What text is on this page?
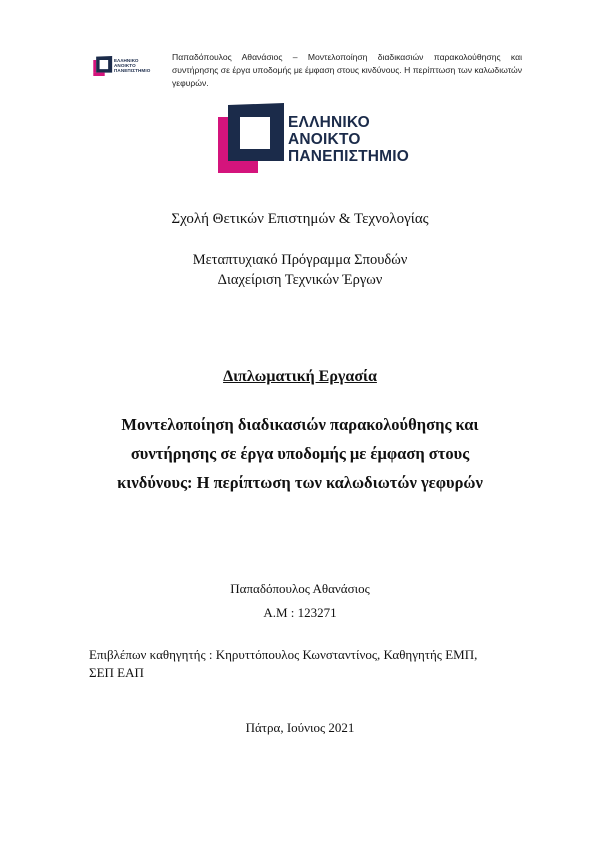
ΕΛΛΗΝΙΚΟ
ΑΝΟΙΚΤΟ
ΠΑΝΕΠΙΣΤΗΜΙΟ
Παπαδόπουλος Αθανάσιος – Μοντελοποίηση διαδικασιών παρακολούθησης και συντήρησης σε έργα υποδομής με έμφαση στους κινδύνους. Η περίπτωση των καλωδιωτών γεφυρών.
ΕΛΛΗΝΙΚΟ
ΑΝΟΙΚΤΟ
ΠΑΝΕΠΙΣΤΗΜΙΟ
Σχολή Θετικών Επιστημών & Τεχνολογίας
Μεταπτυχιακό Πρόγραμμα Σπουδών
Διαχείριση Τεχνικών Έργων
Διπλωματική Εργασία
Μοντελοποίηση διαδικασιών παρακολούθησης και
συντήρησης σε έργα υποδομής με έμφαση στους
κινδύνους: Η περίπτωση των καλωδιωτών γεφυρών
Παπαδόπουλος Αθανάσιος
Α.Μ : 123271
Επιβλέπων καθηγητής : Κηρυττόπουλος Κωνσταντίνος, Καθηγητής ΕΜΠ,
ΣΕΠ ΕΑΠ
Πάτρα, Ιούνιος 2021
